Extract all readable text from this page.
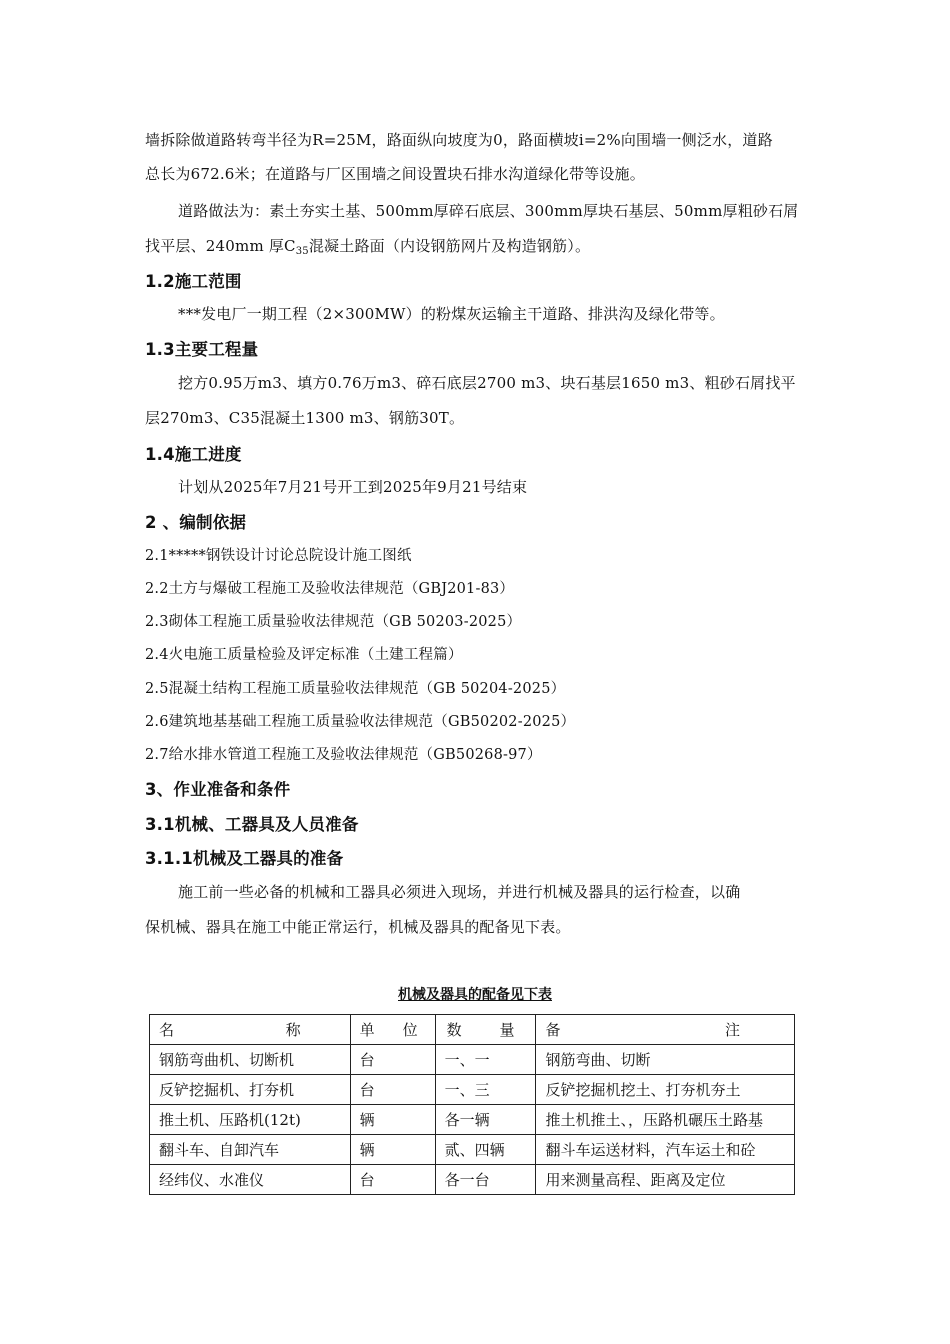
墙拆除做道路转弯半径为R=25M，路面纵向坡度为0，路面横坡i=2%向围墙一侧泛水，道路
总长为672.6米；在道路与厂区围墙之间设置块石排水沟道绿化带等设施。
道路做法为：素土夯实土基、500mm厚碎石底层、300mm厚块石基层、50mm厚粗砂石屑
找平层、240mm 厚$C_{35}$混凝土路面（内设钢筋网片及构造钢筋）。
1.2施工范围
***发电厂一期工程（2×300MW）的粉煤灰运输主干道路、排洪沟及绿化带等。
1.3主要工程量
挖方0.95万m3、填方0.76万m3、碎石底层2700 m3、块石基层1650 m3、粗砂石屑找平
层270m3、C35混凝土1300 m3、钢筋30T。
1.4施工进度
计划从2025年7月21号开工到2025年9月21号结束
2 、编制依据
2.1*****钢铁设计讨论总院设计施工图纸
2.2土方与爆破工程施工及验收法律规范（GBJ201-83）
2.3砌体工程施工质量验收法律规范（GB 50203-2025）
2.4火电施工质量检验及评定标准（土建工程篇）
2.5混凝土结构工程施工质量验收法律规范（GB 50204-2025）
2.6建筑地基基础工程施工质量验收法律规范（GB50202-2025）
2.7给水排水管道工程施工及验收法律规范（GB50268-97）
3、作业准备和条件
3.1机械、工器具及人员准备
3.1.1机械及工器具的准备
施工前一些必备的机械和工器具必须进入现场，并进行机械及器具的运行检查，以确
保机械、器具在施工中能正常运行，机械及器具的配备见下表。
机械及器具的配备见下表
名 称	单 位	数 量	备 注

钢筋弯曲机、切断机	台	一、一	钢筋弯曲、切断
反铲挖掘机、打夯机	台	一、三	反铲挖掘机挖土、打夯机夯土
推土机、压路机(12t)	辆	各一辆	推土机推土、，压路机碾压土路基
翻斗车、自卸汽车	辆	贰、四辆	翻斗车运送材料，汽车运土和砼
经纬仪、水准仪	台	各一台	用来测量高程、距离及定位
